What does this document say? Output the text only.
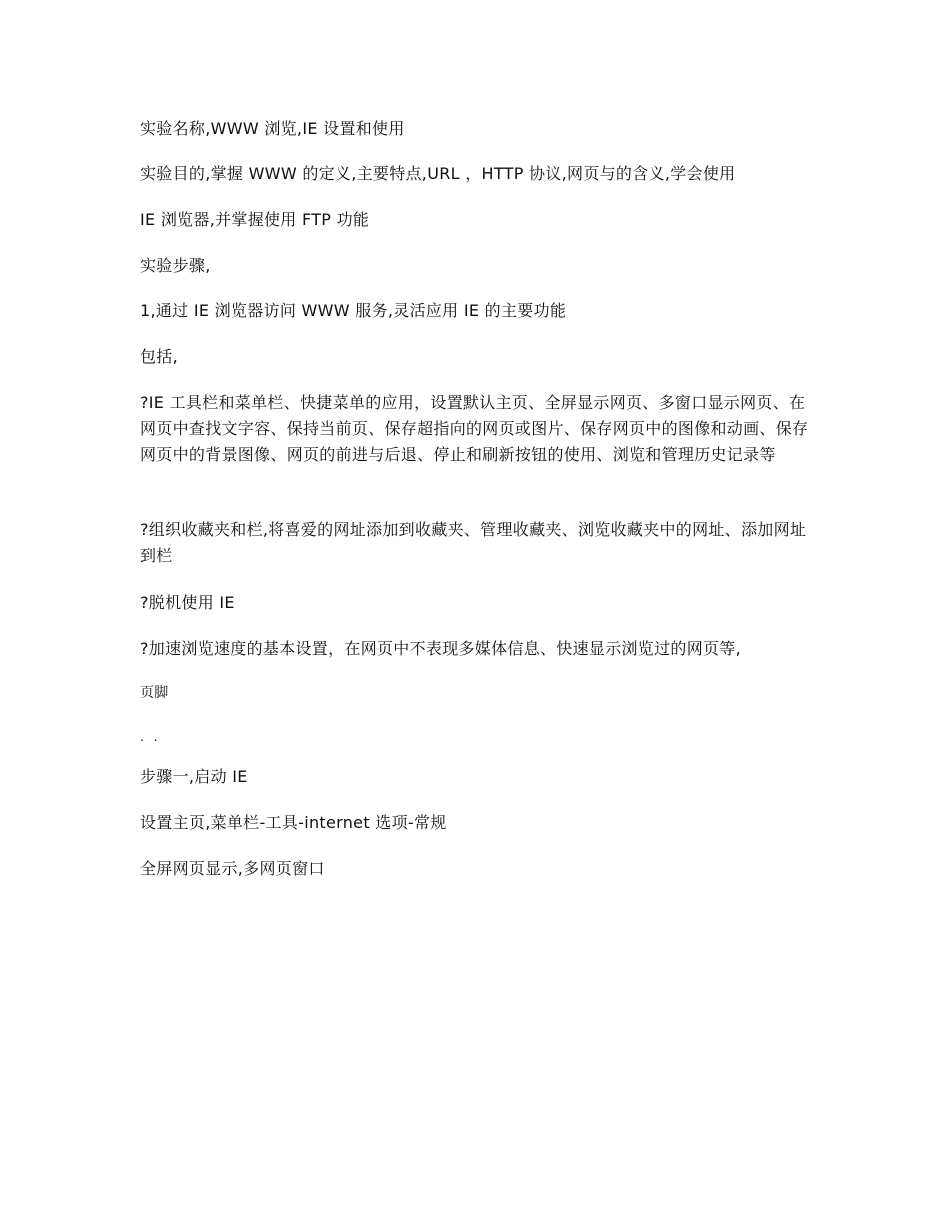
实验名称,WWW 浏览,IE 设置和使用
实验目的,掌握 WWW 的定义,主要特点,URL ，HTTP 协议,网页与的含义,学会使用
IE 浏览器,并掌握使用 FTP 功能
实验步骤,
1,通过 IE 浏览器访问 WWW 服务,灵活应用 IE 的主要功能
包括,
?IE 工具栏和菜单栏、快捷菜单的应用，设置默认主页、全屏显示网页、多窗口显示网页、在网页中查找文字容、保持当前页、保存超指向的网页或图片、保存网页中的图像和动画、保存网页中的背景图像、网页的前进与后退、停止和刷新按钮的使用、浏览和管理历史记录等
?组织收藏夹和栏,将喜爱的网址添加到收藏夹、管理收藏夹、浏览收藏夹中的网址、添加网址到栏
?脱机使用 IE
?加速浏览速度的基本设置，在网页中不表现多媒体信息、快速显示浏览过的网页等,
页脚
. .
步骤一,启动 IE
设置主页,菜单栏-工具-internet 选项-常规
全屏网页显示,多网页窗口
